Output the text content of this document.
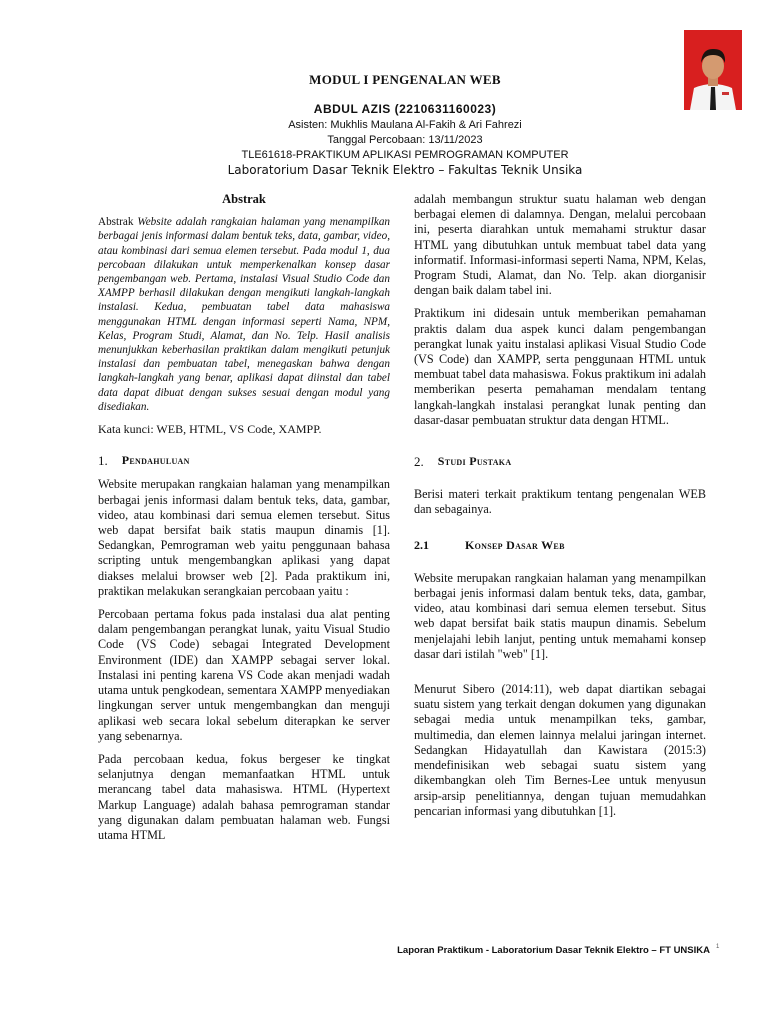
MODUL I PENGENALAN WEB
ABDUL AZIS (2210631160023)
Asisten: Mukhlis Maulana Al-Fakih & Ari Fahrezi
Tanggal Percobaan: 13/11/2023
TLE61618-PRAKTIKUM APLIKASI PEMROGRAMAN KOMPUTER
Laboratorium Dasar Teknik Elektro – Fakultas Teknik Unsika
Abstrak

Abstrak Website adalah rangkaian halaman yang menampilkan berbagai jenis informasi dalam bentuk teks, data, gambar, video, atau kombinasi dari semua elemen tersebut. Pada modul 1, dua percobaan dilakukan untuk memperkenalkan konsep dasar pengembangan web. Pertama, instalasi Visual Studio Code dan XAMPP berhasil dilakukan dengan mengikuti langkah-langkah instalasi. Kedua, pembuatan tabel data mahasiswa menggunakan HTML dengan informasi seperti Nama, NPM, Kelas, Program Studi, Alamat, dan No. Telp. Hasil analisis menunjukkan keberhasilan praktikan dalam mengikuti petunjuk instalasi dan pembuatan tabel, menegaskan bahwa dengan langkah-langkah yang benar, aplikasi dapat diinstal dan tabel data dapat dibuat dengan sukses sesuai dengan modul yang disediakan.

Kata kunci: WEB, HTML, VS Code, XAMPP.

1. Pendahuluan

Website merupakan rangkaian halaman yang menampilkan berbagai jenis informasi dalam bentuk teks, data, gambar, video, atau kombinasi dari semua elemen tersebut. Situs web dapat bersifat baik statis maupun dinamis [1]. Sedangkan, Pemrograman web yaitu penggunaan bahasa scripting untuk mengembangkan aplikasi yang dapat diakses melalui browser web [2]. Pada praktikum ini, praktikan melakukan serangkaian percobaan yaitu :

Percobaan pertama fokus pada instalasi dua alat penting dalam pengembangan perangkat lunak, yaitu Visual Studio Code (VS Code) sebagai Integrated Development Environment (IDE) dan XAMPP sebagai server lokal. Instalasi ini penting karena VS Code akan menjadi wadah utama untuk pengkodean, sementara XAMPP menyediakan lingkungan server untuk mengembangkan dan menguji aplikasi web secara lokal sebelum diterapkan ke server yang sebenarnya.

Pada percobaan kedua, fokus bergeser ke tingkat selanjutnya dengan memanfaatkan HTML untuk merancang tabel data mahasiswa. HTML (Hypertext Markup Language) adalah bahasa pemrograman standar yang digunakan dalam pembuatan halaman web. Fungsi utama HTML

adalah membangun struktur suatu halaman web dengan berbagai elemen di dalamnya. Dengan, melalui percobaan ini, peserta diarahkan untuk memahami struktur dasar HTML yang dibutuhkan untuk membuat tabel data yang informatif. Informasi-informasi seperti Nama, NPM, Kelas, Program Studi, Alamat, dan No. Telp. akan diorganisir dengan baik dalam tabel ini.

Praktikum ini didesain untuk memberikan pemahaman praktis dalam dua aspek kunci dalam pengembangan perangkat lunak yaitu instalasi aplikasi Visual Studio Code (VS Code) dan XAMPP, serta penggunaan HTML untuk membuat tabel data mahasiswa. Fokus praktikum ini adalah memberikan peserta pemahaman mendalam tentang langkah-langkah instalasi perangkat lunak penting dan dasar-dasar pembuatan struktur data dengan HTML.

2. Studi Pustaka

Berisi materi terkait praktikum tentang pengenalan WEB dan sebagainya.

2.1	Konsep Dasar Web

Website merupakan rangkaian halaman yang menampilkan berbagai jenis informasi dalam bentuk teks, data, gambar, video, atau kombinasi dari semua elemen tersebut. Situs web dapat bersifat baik statis maupun dinamis. Sebelum menjelajahi lebih lanjut, penting untuk memahami konsep dasar dari istilah "web" [1].

Menurut Sibero (2014:11), web dapat diartikan sebagai suatu sistem yang terkait dengan dokumen yang digunakan sebagai media untuk menampilkan teks, gambar, multimedia, dan elemen lainnya melalui jaringan internet. Sedangkan Hidayatullah dan Kawistara (2015:3) mendefinisikan web sebagai suatu sistem yang dikembangkan oleh Tim Bernes-Lee untuk menyusun arsip-arsip penelitiannya, dengan tujuan memudahkan pencarian informasi yang dibutuhkan [1].

Laporan Praktikum - Laboratorium Dasar Teknik Elektro – FT UNSIKA 1
